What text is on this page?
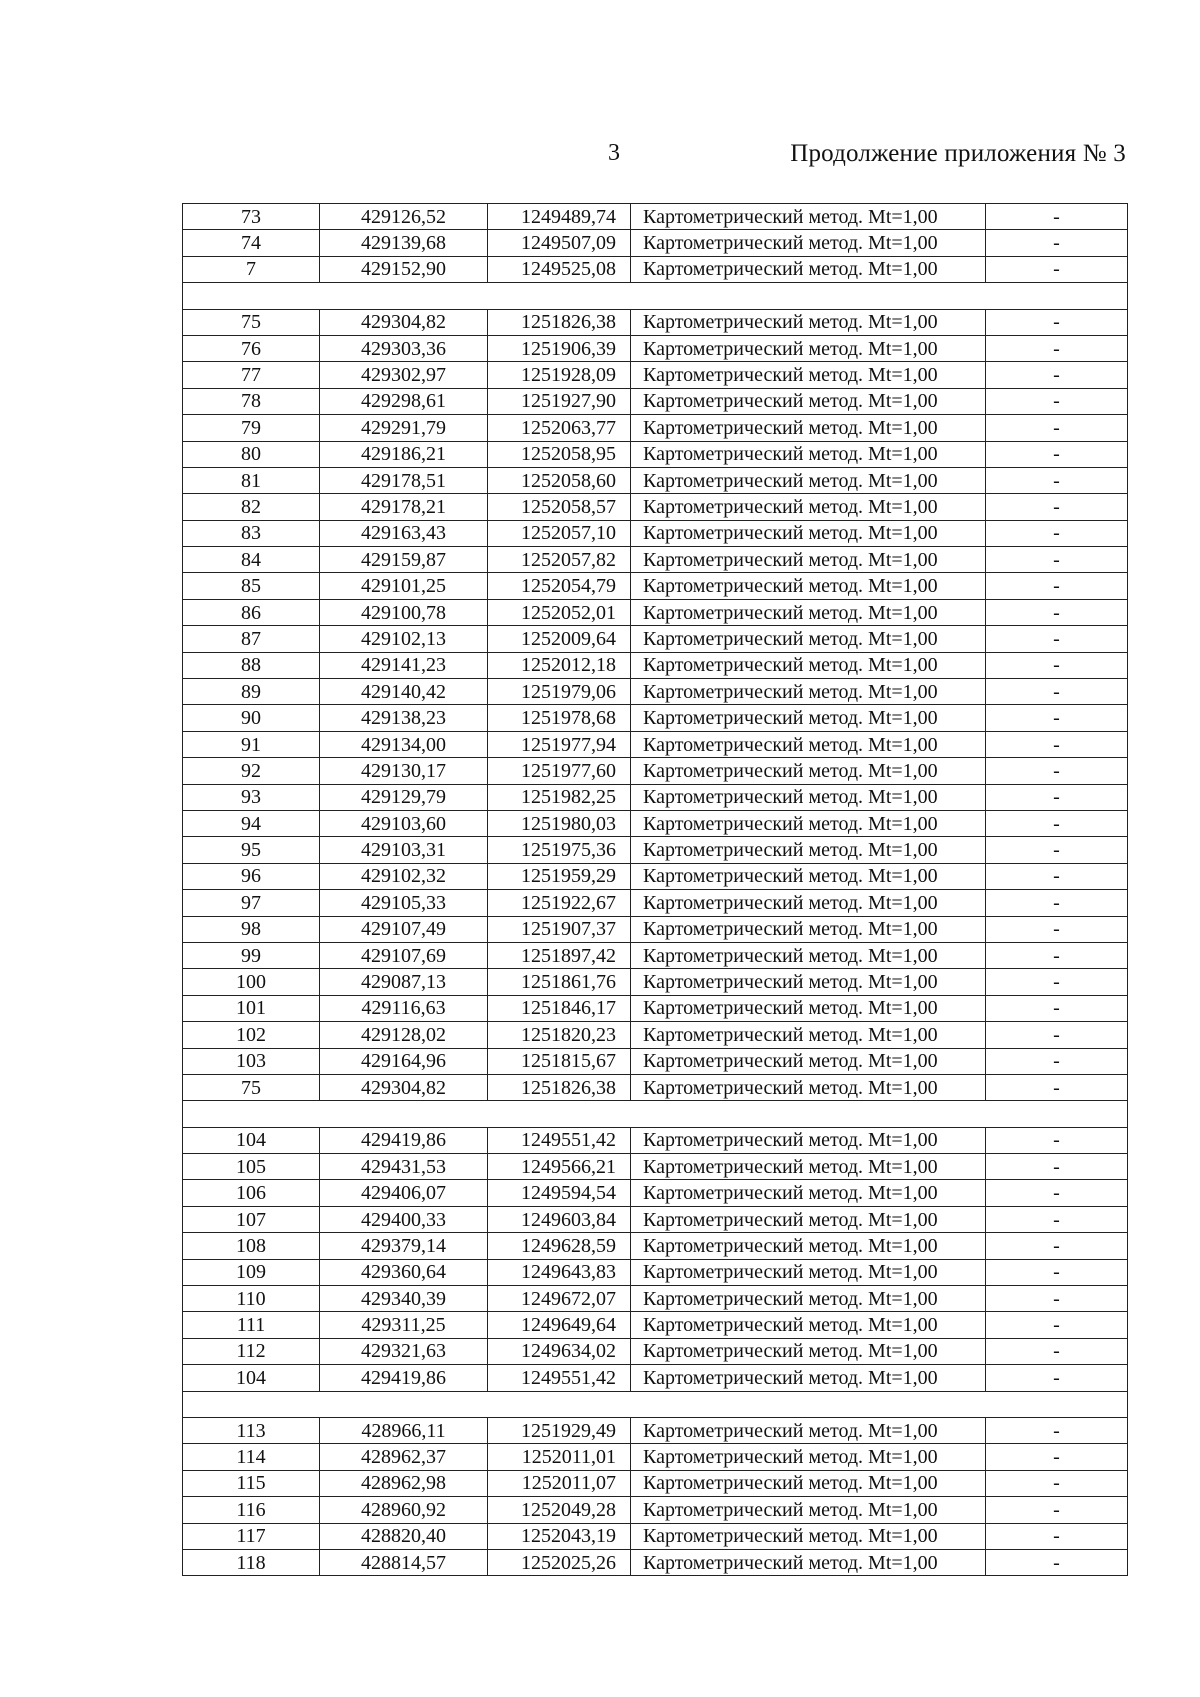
3	Продолжение приложения № 3
73	429126,52	1249489,74	Картометрический метод. Mt=1,00	-
74	429139,68	1249507,09	Картометрический метод. Mt=1,00	-
7	429152,90	1249525,08	Картометрический метод. Mt=1,00	-

75	429304,82	1251826,38	Картометрический метод. Mt=1,00	-
76	429303,36	1251906,39	Картометрический метод. Mt=1,00	-
77	429302,97	1251928,09	Картометрический метод. Mt=1,00	-
78	429298,61	1251927,90	Картометрический метод. Mt=1,00	-
79	429291,79	1252063,77	Картометрический метод. Mt=1,00	-
80	429186,21	1252058,95	Картометрический метод. Mt=1,00	-
81	429178,51	1252058,60	Картометрический метод. Mt=1,00	-
82	429178,21	1252058,57	Картометрический метод. Mt=1,00	-
83	429163,43	1252057,10	Картометрический метод. Mt=1,00	-
84	429159,87	1252057,82	Картометрический метод. Mt=1,00	-
85	429101,25	1252054,79	Картометрический метод. Mt=1,00	-
86	429100,78	1252052,01	Картометрический метод. Mt=1,00	-
87	429102,13	1252009,64	Картометрический метод. Mt=1,00	-
88	429141,23	1252012,18	Картометрический метод. Mt=1,00	-
89	429140,42	1251979,06	Картометрический метод. Mt=1,00	-
90	429138,23	1251978,68	Картометрический метод. Mt=1,00	-
91	429134,00	1251977,94	Картометрический метод. Mt=1,00	-
92	429130,17	1251977,60	Картометрический метод. Mt=1,00	-
93	429129,79	1251982,25	Картометрический метод. Mt=1,00	-
94	429103,60	1251980,03	Картометрический метод. Mt=1,00	-
95	429103,31	1251975,36	Картометрический метод. Mt=1,00	-
96	429102,32	1251959,29	Картометрический метод. Mt=1,00	-
97	429105,33	1251922,67	Картометрический метод. Mt=1,00	-
98	429107,49	1251907,37	Картометрический метод. Mt=1,00	-
99	429107,69	1251897,42	Картометрический метод. Mt=1,00	-
100	429087,13	1251861,76	Картометрический метод. Mt=1,00	-
101	429116,63	1251846,17	Картометрический метод. Mt=1,00	-
102	429128,02	1251820,23	Картометрический метод. Mt=1,00	-
103	429164,96	1251815,67	Картометрический метод. Mt=1,00	-
75	429304,82	1251826,38	Картометрический метод. Mt=1,00	-

104	429419,86	1249551,42	Картометрический метод. Mt=1,00	-
105	429431,53	1249566,21	Картометрический метод. Mt=1,00	-
106	429406,07	1249594,54	Картометрический метод. Mt=1,00	-
107	429400,33	1249603,84	Картометрический метод. Mt=1,00	-
108	429379,14	1249628,59	Картометрический метод. Mt=1,00	-
109	429360,64	1249643,83	Картометрический метод. Mt=1,00	-
110	429340,39	1249672,07	Картометрический метод. Mt=1,00	-
111	429311,25	1249649,64	Картометрический метод. Mt=1,00	-
112	429321,63	1249634,02	Картометрический метод. Mt=1,00	-
104	429419,86	1249551,42	Картометрический метод. Mt=1,00	-

113	428966,11	1251929,49	Картометрический метод. Mt=1,00	-
114	428962,37	1252011,01	Картометрический метод. Mt=1,00	-
115	428962,98	1252011,07	Картометрический метод. Mt=1,00	-
116	428960,92	1252049,28	Картометрический метод. Mt=1,00	-
117	428820,40	1252043,19	Картометрический метод. Mt=1,00	-
118	428814,57	1252025,26	Картометрический метод. Mt=1,00	-
